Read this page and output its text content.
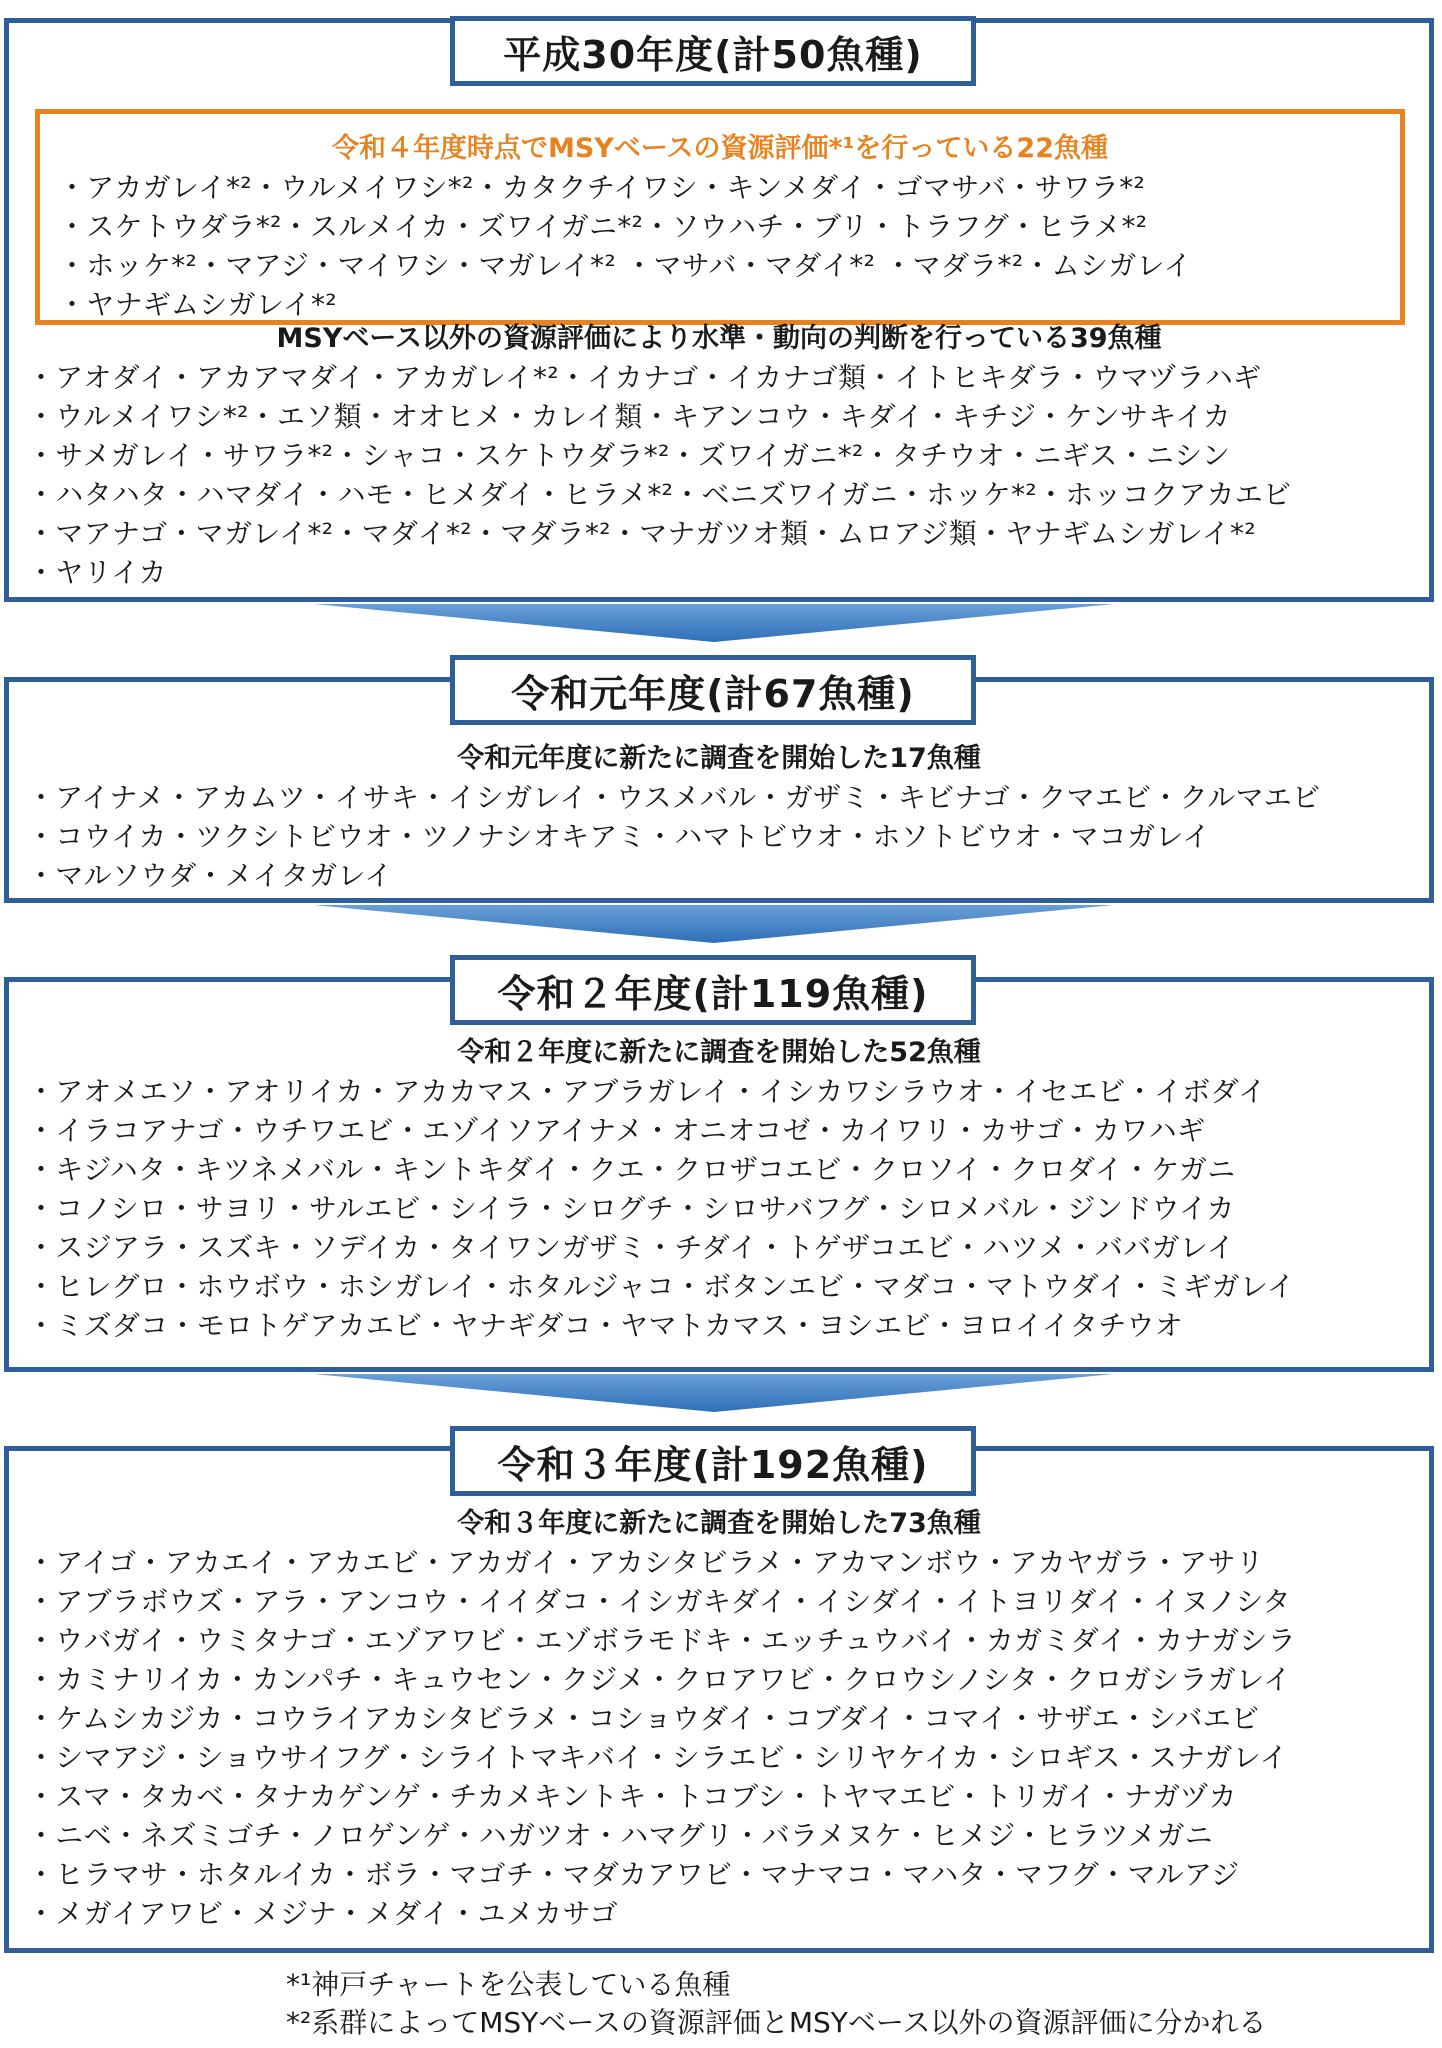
平成30年度(計50魚種)
令和４年度時点でMSYベースの資源評価*¹を行っている22魚種
・アカガレイ*²・ウルメイワシ*²・カタクチイワシ・キンメダイ・ゴマサバ・サワラ*²
・スケトウダラ*²・スルメイカ・ズワイガニ*²・ソウハチ・ブリ・トラフグ・ヒラメ*²
・ホッケ*²・マアジ・マイワシ・マガレイ*² ・マサバ・マダイ*² ・マダラ*²・ムシガレイ
・ヤナギムシガレイ*²
MSYベース以外の資源評価により水準・動向の判断を行っている39魚種
・アオダイ・アカアマダイ・アカガレイ*²・イカナゴ・イカナゴ類・イトヒキダラ・ウマヅラハギ
・ウルメイワシ*²・エソ類・オオヒメ・カレイ類・キアンコウ・キダイ・キチジ・ケンサキイカ
・サメガレイ・サワラ*²・シャコ・スケトウダラ*²・ズワイガニ*²・タチウオ・ニギス・ニシン
・ハタハタ・ハマダイ・ハモ・ヒメダイ・ヒラメ*²・ベニズワイガニ・ホッケ*²・ホッコクアカエビ
・マアナゴ・マガレイ*²・マダイ*²・マダラ*²・マナガツオ類・ムロアジ類・ヤナギムシガレイ*²
・ヤリイカ
令和元年度(計67魚種)
令和元年度に新たに調査を開始した17魚種
・アイナメ・アカムツ・イサキ・イシガレイ・ウスメバル・ガザミ・キビナゴ・クマエビ・クルマエビ
・コウイカ・ツクシトビウオ・ツノナシオキアミ・ハマトビウオ・ホソトビウオ・マコガレイ
・マルソウダ・メイタガレイ
令和２年度(計119魚種)
令和２年度に新たに調査を開始した52魚種
・アオメエソ・アオリイカ・アカカマス・アブラガレイ・イシカワシラウオ・イセエビ・イボダイ
・イラコアナゴ・ウチワエビ・エゾイソアイナメ・オニオコゼ・カイワリ・カサゴ・カワハギ
・キジハタ・キツネメバル・キントキダイ・クエ・クロザコエビ・クロソイ・クロダイ・ケガニ
・コノシロ・サヨリ・サルエビ・シイラ・シログチ・シロサバフグ・シロメバル・ジンドウイカ
・スジアラ・スズキ・ソデイカ・タイワンガザミ・チダイ・トゲザコエビ・ハツメ・ババガレイ
・ヒレグロ・ホウボウ・ホシガレイ・ホタルジャコ・ボタンエビ・マダコ・マトウダイ・ミギガレイ
・ミズダコ・モロトゲアカエビ・ヤナギダコ・ヤマトカマス・ヨシエビ・ヨロイイタチウオ
令和３年度(計192魚種)
令和３年度に新たに調査を開始した73魚種
・アイゴ・アカエイ・アカエビ・アカガイ・アカシタビラメ・アカマンボウ・アカヤガラ・アサリ
・アブラボウズ・アラ・アンコウ・イイダコ・イシガキダイ・イシダイ・イトヨリダイ・イヌノシタ
・ウバガイ・ウミタナゴ・エゾアワビ・エゾボラモドキ・エッチュウバイ・カガミダイ・カナガシラ
・カミナリイカ・カンパチ・キュウセン・クジメ・クロアワビ・クロウシノシタ・クロガシラガレイ
・ケムシカジカ・コウライアカシタビラメ・コショウダイ・コブダイ・コマイ・サザエ・シバエビ
・シマアジ・ショウサイフグ・シライトマキバイ・シラエビ・シリヤケイカ・シロギス・スナガレイ
・スマ・タカベ・タナカゲンゲ・チカメキントキ・トコブシ・トヤマエビ・トリガイ・ナガヅカ
・ニベ・ネズミゴチ・ノロゲンゲ・ハガツオ・ハマグリ・バラメヌケ・ヒメジ・ヒラツメガニ
・ヒラマサ・ホタルイカ・ボラ・マゴチ・マダカアワビ・マナマコ・マハタ・マフグ・マルアジ
・メガイアワビ・メジナ・メダイ・ユメカサゴ
*¹神戸チャートを公表している魚種
*²系群によってMSYベースの資源評価とMSYベース以外の資源評価に分かれる
